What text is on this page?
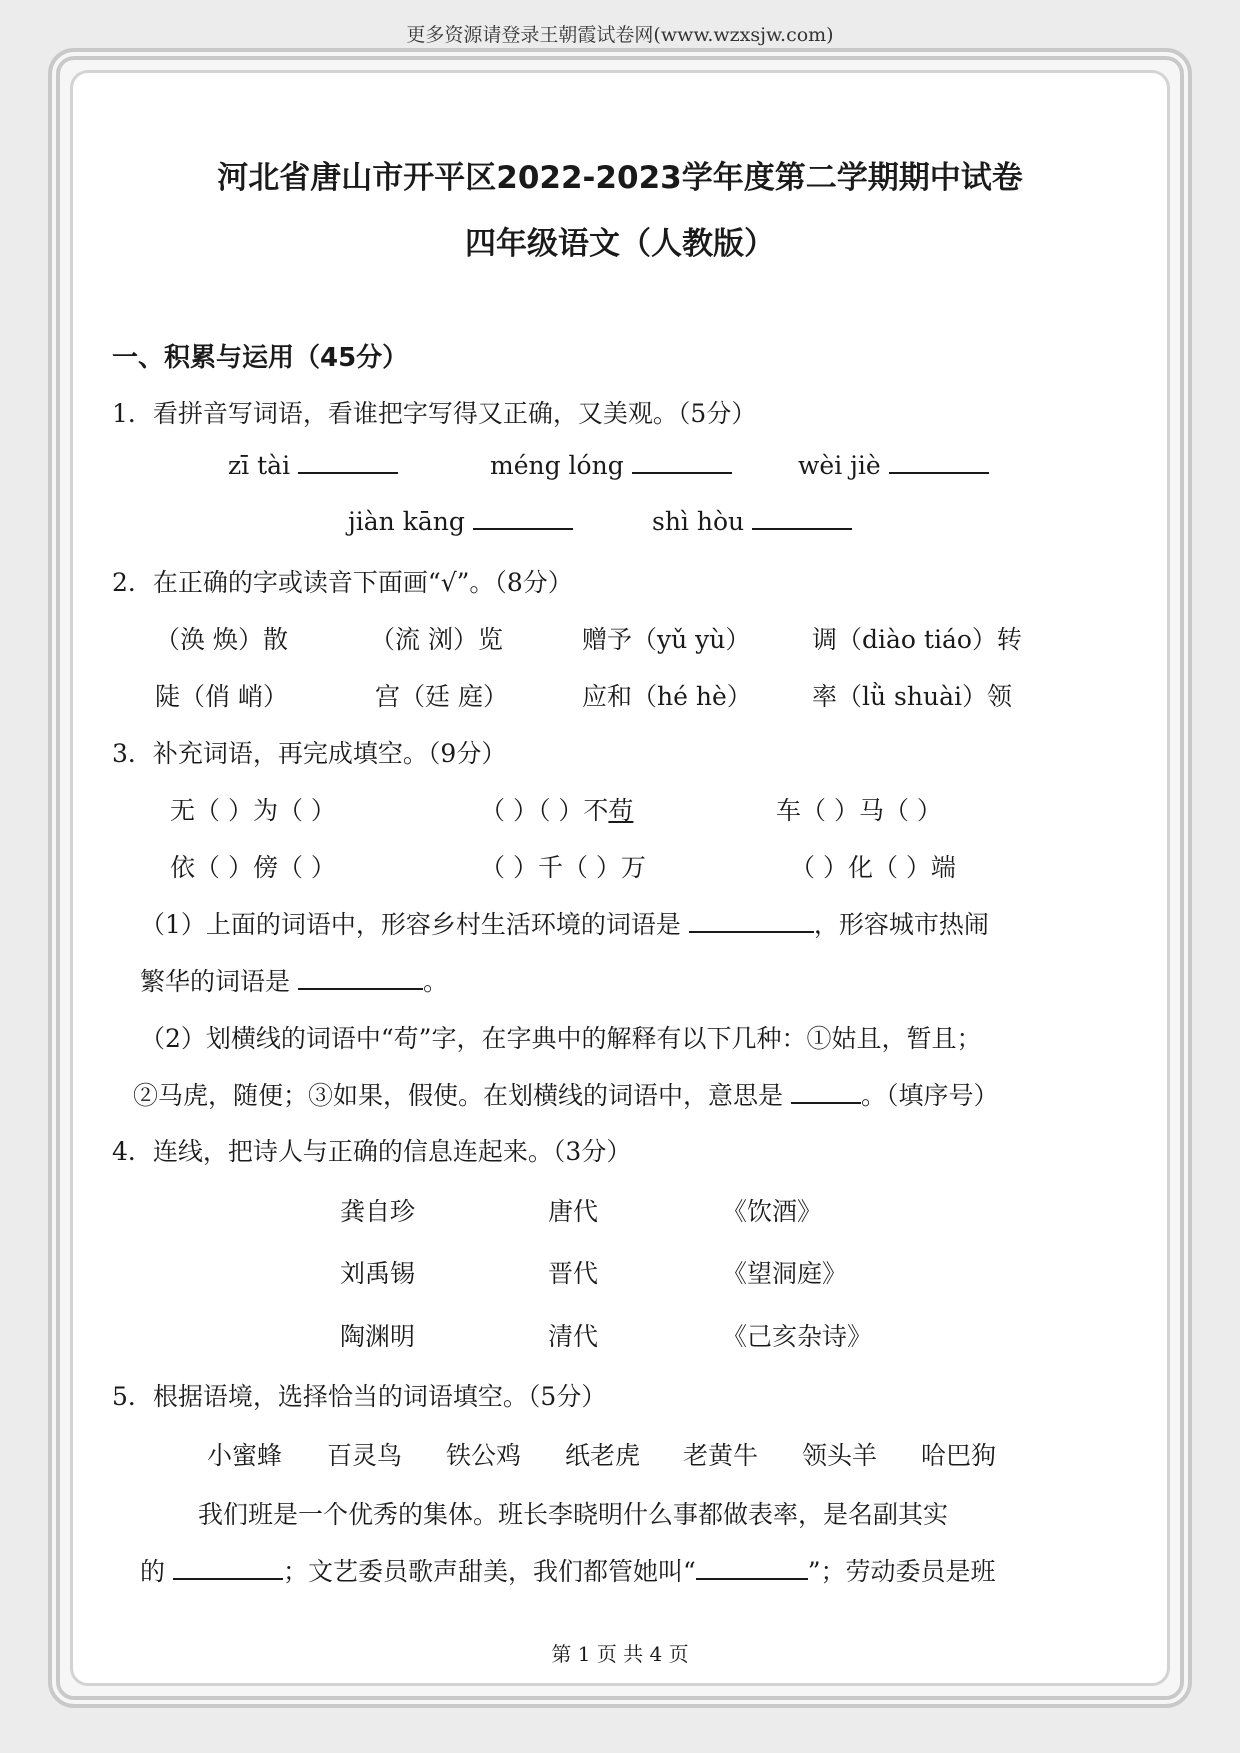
更多资源请登录王朝霞试卷网(www.wzxsjw.com)
河北省唐山市开平区2022-2023学年度第二学期期中试卷
四年级语文（人教版）
一、积累与运用（45分）
1．看拼音写词语，看谁把字写得又正确，又美观。（5分）
zī tài	méng lóng	wèi jiè
jiàn kāng	shì hòu
2．在正确的字或读音下面画“√”。（8分）
（涣 焕）散	（流 浏）览	赠予（yǔ yù） 调（diào tiáo）转
陡（俏 峭）	宫（廷 庭）	应和（hé hè） 率（lǜ shuài）领
3．补充词语，再完成填空。（9分）
无（ ）为（ ）	（ ）（ ）不苟	车（ ）马（ ）
依（ ）傍（ ）	（ ）千（ ）万	（ ）化（ ）端
（1）上面的词语中，形容乡村生活环境的词语是	，形容城市热闹
繁华的词语是	。
（2）划横线的词语中“苟”字，在字典中的解释有以下几种：①姑且，暂且；
②马虎，随便；③如果，假使。在划横线的词语中，意思是	。（填序号）
4．连线，把诗人与正确的信息连起来。（3分）
龚自珍	唐代	《饮酒》
刘禹锡	晋代	《望洞庭》
陶渊明	清代	《己亥杂诗》
5．根据语境，选择恰当的词语填空。（5分）
小蜜蜂 百灵鸟 铁公鸡 纸老虎 老黄牛 领头羊 哈巴狗
我们班是一个优秀的集体。班长李晓明什么事都做表率，是名副其实
的	；文艺委员歌声甜美，我们都管她叫“	”；劳动委员是班
第 1 页 共 4 页
